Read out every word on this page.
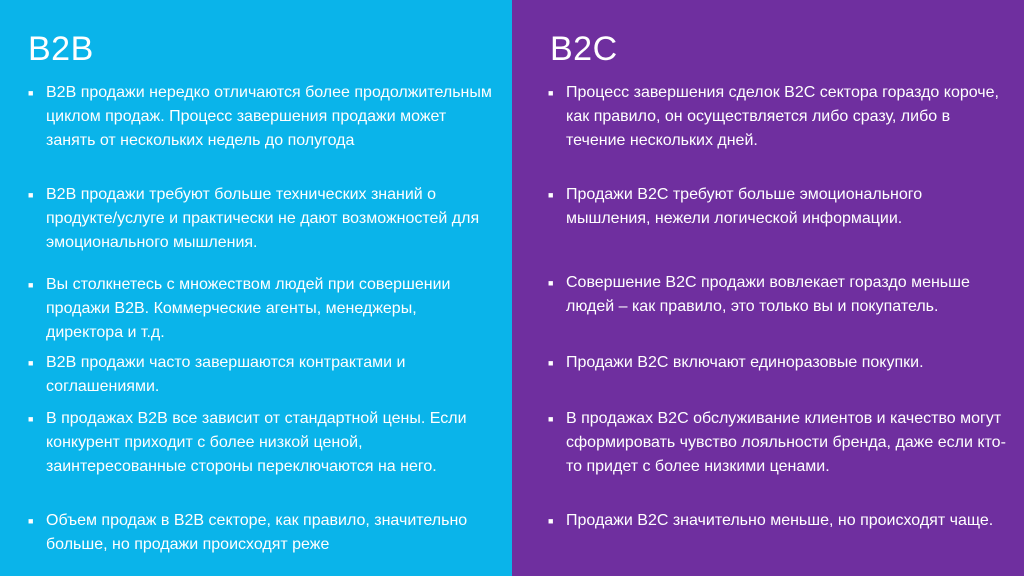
B2B
■ B2B продажи нередко отличаются более продолжительным циклом продаж. Процесс завершения продажи может занять от нескольких недель до полугода
■ B2B продажи требуют больше технических знаний о продукте/услуге и практически не дают возможностей для эмоционального мышления.
■ Вы столкнетесь с множеством людей при совершении продажи B2B. Коммерческие агенты, менеджеры, директора и т.д.
■ B2B продажи часто завершаются контрактами и соглашениями.
■ В продажах B2B все зависит от стандартной цены. Если конкурент приходит с более низкой ценой, заинтересованные стороны переключаются на него.
■ Объем продаж в B2B секторе, как правило, значительно больше, но продажи происходят реже
B2C
■ Процесс завершения сделок B2C сектора гораздо короче, как правило, он осуществляется либо сразу, либо в течение нескольких дней.
■ Продажи B2C требуют больше эмоционального мышления, нежели логической информации.
■ Совершение B2C продажи вовлекает гораздо меньше людей – как правило, это только вы и покупатель.
■ Продажи B2C включают единоразовые покупки.
■ В продажах B2C обслуживание клиентов и качество могут сформировать чувство лояльности бренда, даже если кто-то придет с более низкими ценами.
■ Продажи B2C значительно меньше, но происходят чаще.
